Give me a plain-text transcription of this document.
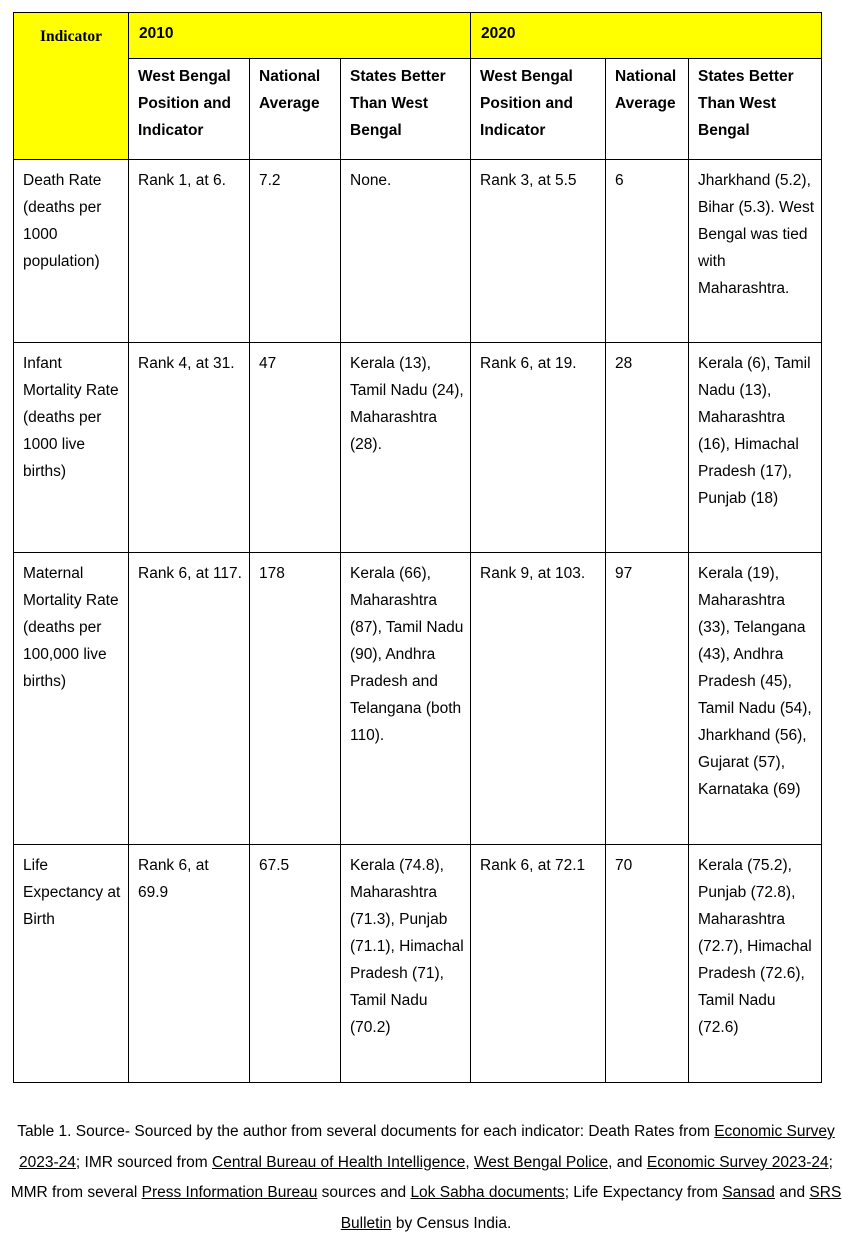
Indicator	2010			2020		
	West Bengal Position and Indicator	National Average	States Better Than West Bengal	West Bengal Position and Indicator	National Average	States Better Than West Bengal
Death Rate (deaths per 1000 population)	Rank 1, at 6.	7.2	None.	Rank 3, at 5.5	6	Jharkhand (5.2), Bihar (5.3). West Bengal was tied with Maharashtra.
Infant Mortality Rate (deaths per 1000 live births)	Rank 4, at 31.	47	Kerala (13), Tamil Nadu (24), Maharashtra (28).	Rank 6, at 19.	28	Kerala (6), Tamil Nadu (13), Maharashtra (16), Himachal Pradesh (17), Punjab (18)
Maternal Mortality Rate (deaths per 100,000 live births)	Rank 6, at 117.	178	Kerala (66), Maharashtra (87), Tamil Nadu (90), Andhra Pradesh and Telangana (both 110).	Rank 9, at 103.	97	Kerala (19), Maharashtra (33), Telangana (43), Andhra Pradesh (45), Tamil Nadu (54), Jharkhand (56), Gujarat (57), Karnataka (69)
Life Expectancy at Birth	Rank 6, at 69.9	67.5	Kerala (74.8), Maharashtra (71.3), Punjab (71.1), Himachal Pradesh (71), Tamil Nadu (70.2)	Rank 6, at 72.1	70	Kerala (75.2), Punjab (72.8), Maharashtra (72.7), Himachal Pradesh (72.6), Tamil Nadu (72.6)
Table 1. Source- Sourced by the author from several documents for each indicator: Death Rates from Economic Survey 2023-24; IMR sourced from Central Bureau of Health Intelligence, West Bengal Police, and Economic Survey 2023-24; MMR from several Press Information Bureau sources and Lok Sabha documents; Life Expectancy from Sansad and SRS Bulletin by Census India.
